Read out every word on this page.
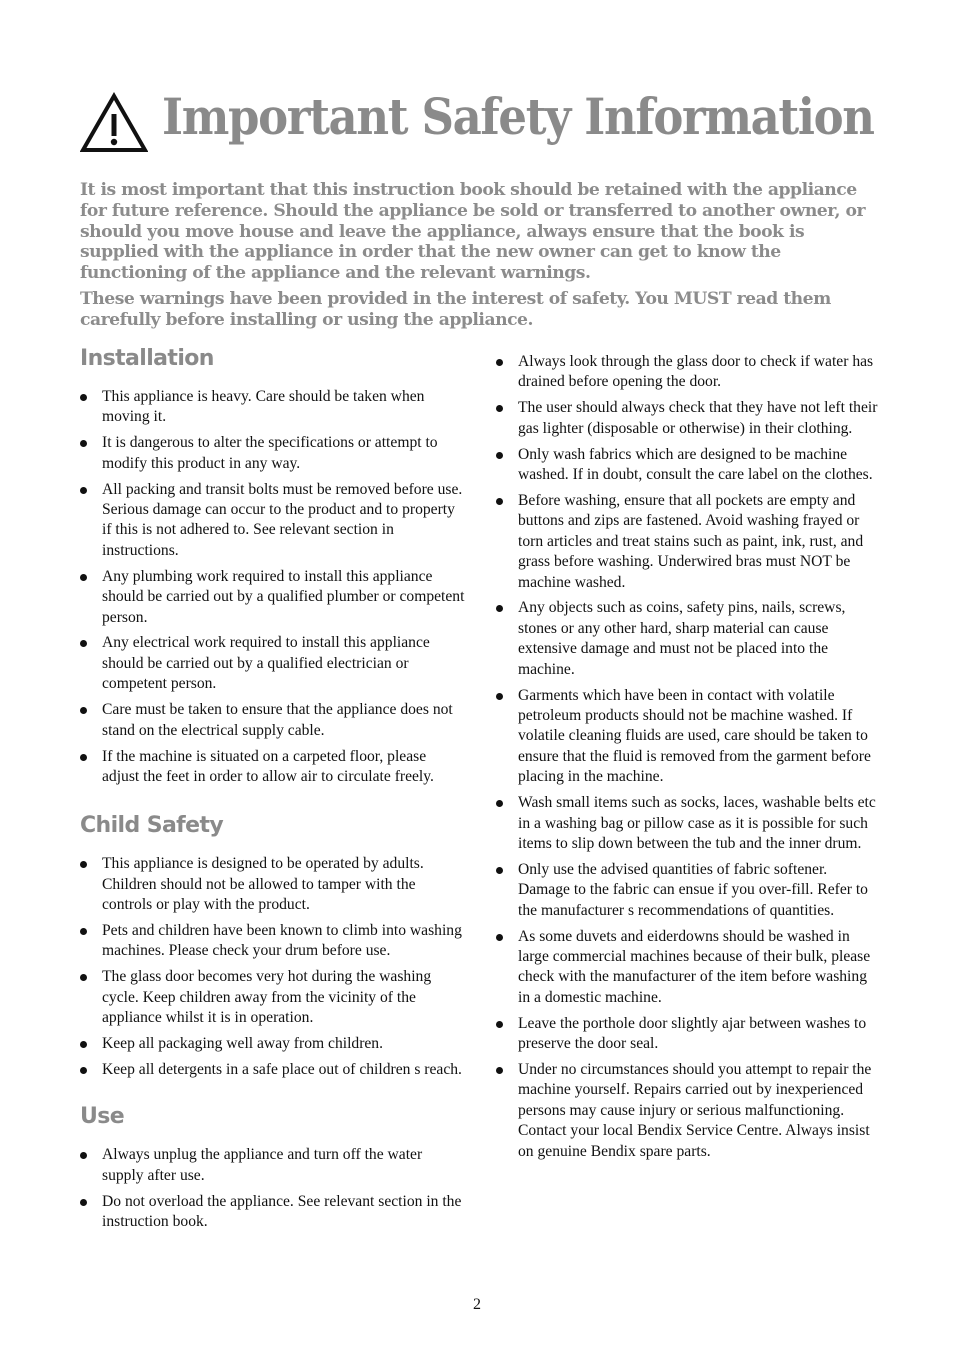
Important Safety Information

It is most important that this instruction book should be retained with the appliance for future reference. Should the appliance be sold or transferred to another owner, or should you move house and leave the appliance, always ensure that the book is supplied with the appliance in order that the new owner can get to know the functioning of the appliance and the relevant warnings.

These warnings have been provided in the interest of safety. You MUST read them carefully before installing or using the appliance.

Installation
This appliance is heavy. Care should be taken when moving it.
It is dangerous to alter the specifications or attempt to modify this product in any way.
All packing and transit bolts must be removed before use. Serious damage can occur to the product and to property if this is not adhered to. See relevant section in instructions.
Any plumbing work required to install this appliance should be carried out by a qualified plumber or competent person.
Any electrical work required to install this appliance should be carried out by a qualified electrician or competent person.
Care must be taken to ensure that the appliance does not stand on the electrical supply cable.
If the machine is situated on a carpeted floor, please adjust the feet in order to allow air to circulate freely.
Child Safety
This appliance is designed to be operated by adults. Children should not be allowed to tamper with the controls or play with the product.
Pets and children have been known to climb into washing machines. Please check your drum before use.
The glass door becomes very hot during the washing cycle. Keep children away from the vicinity of the appliance whilst it is in operation.
Keep all packaging well away from children.
Keep all detergents in a safe place out of children s reach.
Use
Always unplug the appliance and turn off the water supply after use.
Do not overload the appliance. See relevant section in the instruction book.
Always look through the glass door to check if water has drained before opening the door.
The user should always check that they have not left their gas lighter (disposable or otherwise) in their clothing.
Only wash fabrics which are designed to be machine washed. If in doubt, consult the care label on the clothes.
Before washing, ensure that all pockets are empty and buttons and zips are fastened. Avoid washing frayed or torn articles and treat stains such as paint, ink, rust, and grass before washing. Underwired bras must NOT be machine washed.
Any objects such as coins, safety pins, nails, screws, stones or any other hard, sharp material can cause extensive damage and must not be placed into the machine.
Garments which have been in contact with volatile petroleum products should not be machine washed. If volatile cleaning fluids are used, care should be taken to ensure that the fluid is removed from the garment before placing in the machine.
Wash small items such as socks, laces, washable belts etc in a washing bag or pillow case as it is possible for such items to slip down between the tub and the inner drum.
Only use the advised quantities of fabric softener. Damage to the fabric can ensue if you over-fill. Refer to the manufacturer s recommendations of quantities.
As some duvets and eiderdowns should be washed in large commercial machines because of their bulk, please check with the manufacturer of the item before washing in a domestic machine.
Leave the porthole door slightly ajar between washes to preserve the door seal.
Under no circumstances should you attempt to repair the machine yourself. Repairs carried out by inexperienced persons may cause injury or serious malfunctioning. Contact your local Bendix Service Centre. Always insist on genuine Bendix spare parts.
2
